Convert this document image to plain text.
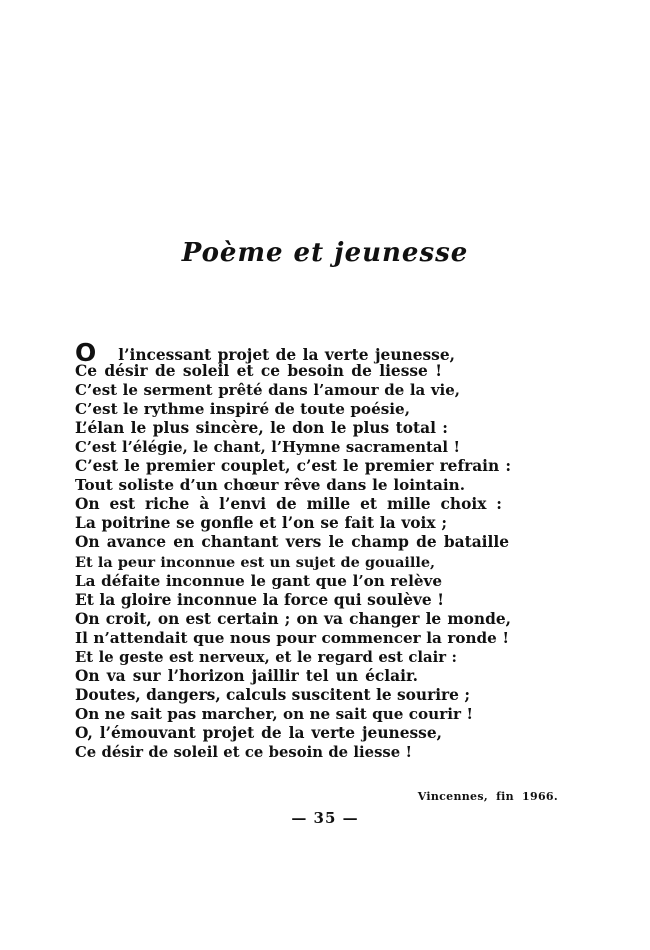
Poème et jeunesse
O l’incessant projet de la verte jeunesse,
Ce désir de soleil et ce besoin de liesse !
C’est le serment prêté dans l’amour de la vie,
C’est le rythme inspiré de toute poésie,
L’élan le plus sincère, le don le plus total :
C’est l’élégie, le chant, l’Hymne sacramental !
C’est le premier couplet, c’est le premier refrain :
Tout soliste d’un chœur rêve dans le lointain.
On est riche à l’envi de mille et mille choix :
La poitrine se gonfle et l’on se fait la voix ;
On avance en chantant vers le champ de bataille
Et la peur inconnue est un sujet de gouaille,
La défaite inconnue le gant que l’on relève
Et la gloire inconnue la force qui soulève !
On croit, on est certain ; on va changer le monde,
Il n’attendait que nous pour commencer la ronde !
Et le geste est nerveux, et le regard est clair :
On va sur l’horizon jaillir tel un éclair.
Doutes, dangers, calculs suscitent le sourire ;
On ne sait pas marcher, on ne sait que courir !
O, l’émouvant projet de la verte jeunesse,
Ce désir de soleil et ce besoin de liesse !
Vincennes, fin 1966.
— 35 —
